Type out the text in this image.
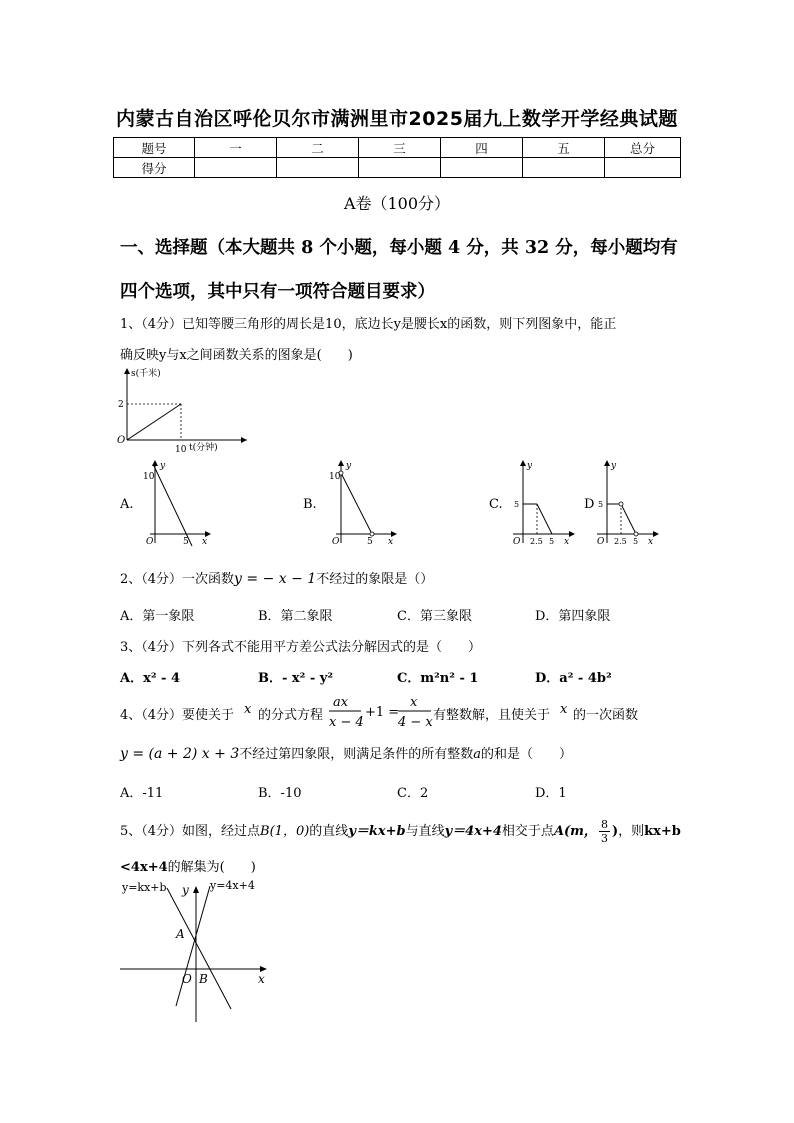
内蒙古自治区呼伦贝尔市满洲里市2025届九上数学开学经典试题
题号	一	二	三	四	五	总分
得分						
A卷（100分）
一、选择题（本大题共 8 个小题，每小题 4 分，共 32 分，每小题均有四个选项，其中只有一项符合题目要求）
1、（4分）已知等腰三角形的周长是10，底边长y是腰长x的函数，则下列图象中，能正
确反映y与x之间函数关系的图象是(　　)
s(千米)
2
O
10 t(分钟)
A.
y
10
O	5 x
B.
y
10
O	5 x
C.
y
5
O 2.5 5 x
D
y
5
O 2.5 5 x
2、（4分）一次函数y = − x − 1不经过的象限是（）
A．第一象限	B．第二象限	C．第三象限	D．第四象限
3、（4分）下列各式不能用平方差公式法分解因式的是（　　）
A．x² - 4	B．- x² - y²	C．m²n² - 1	D．a² - 4b²
4、（4分）要使关于 x 的分式方程
ax
x − 4
+1 =
x
4 − x 有整数解，且使关于 x 的一次函数
y = (a + 2) x + 3不经过第四象限，则满足条件的所有整数a的和是（　　）
A．-11	B．-10	C．2	D．1
5、（4分）如图，经过点B(1，0)的直线y＝kx+b与直线y＝4x+4相交于点A(m， $\frac{8}{3}$ )，则kx+b
<4x+4的解集为(　　)
y=kx+b y y=4x+4
A
O B	x
